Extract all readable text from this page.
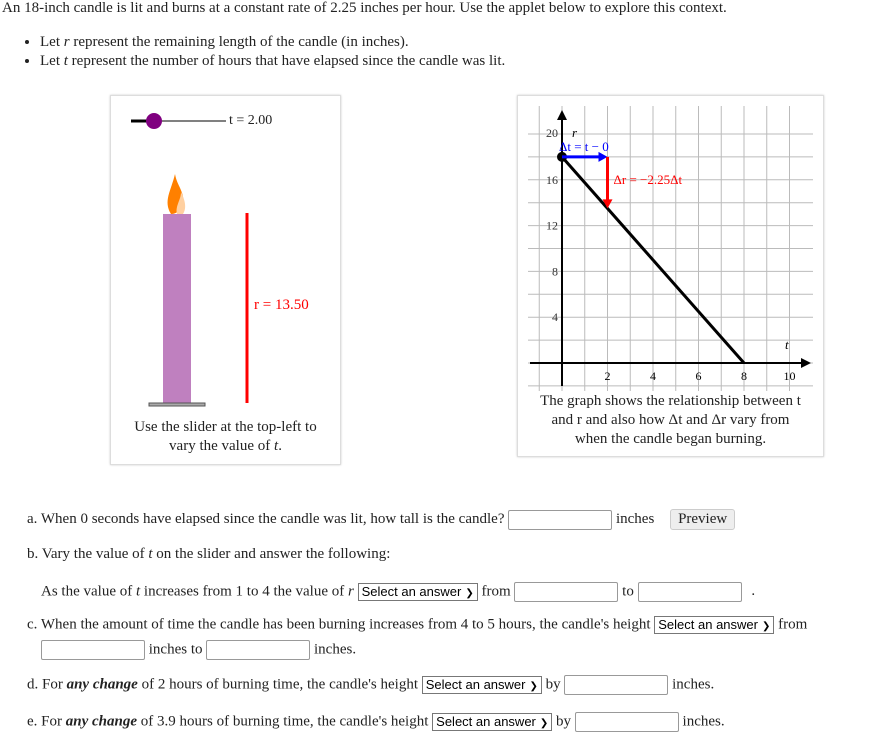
An 18-inch candle is lit and burns at a constant rate of 2.25 inches per hour. Use the applet below to explore this context.
• Let r represent the remaining length of the candle (in inches).
• Let t represent the number of hours that have elapsed since the candle was lit.
t = 2.00
r = 13.50
Use the slider at the top-left to
vary the value of t.
2	4	6	8	10
4
8
12
16
20
t
r
Δt = t − 0
Δr = −2.25Δt
The graph shows the relationship between t
and r and also how Δt and Δr vary from
when the candle began burning.
a. When 0 seconds have elapsed since the candle was lit, how tall is the candle?	inches Preview
b. Vary the value of t on the slider and answer the following:
As the value of t increases from 1 to 4 the value of r Select an answer ❯ from	to	.
c. When the amount of time the candle has been burning increases from 4 to 5 hours, the candle's height Select an answer ❯ from
inches to	inches.
d. For any change of 2 hours of burning time, the candle's height Select an answer ❯ by	inches.
e. For any change of 3.9 hours of burning time, the candle's height Select an answer ❯ by	inches.
